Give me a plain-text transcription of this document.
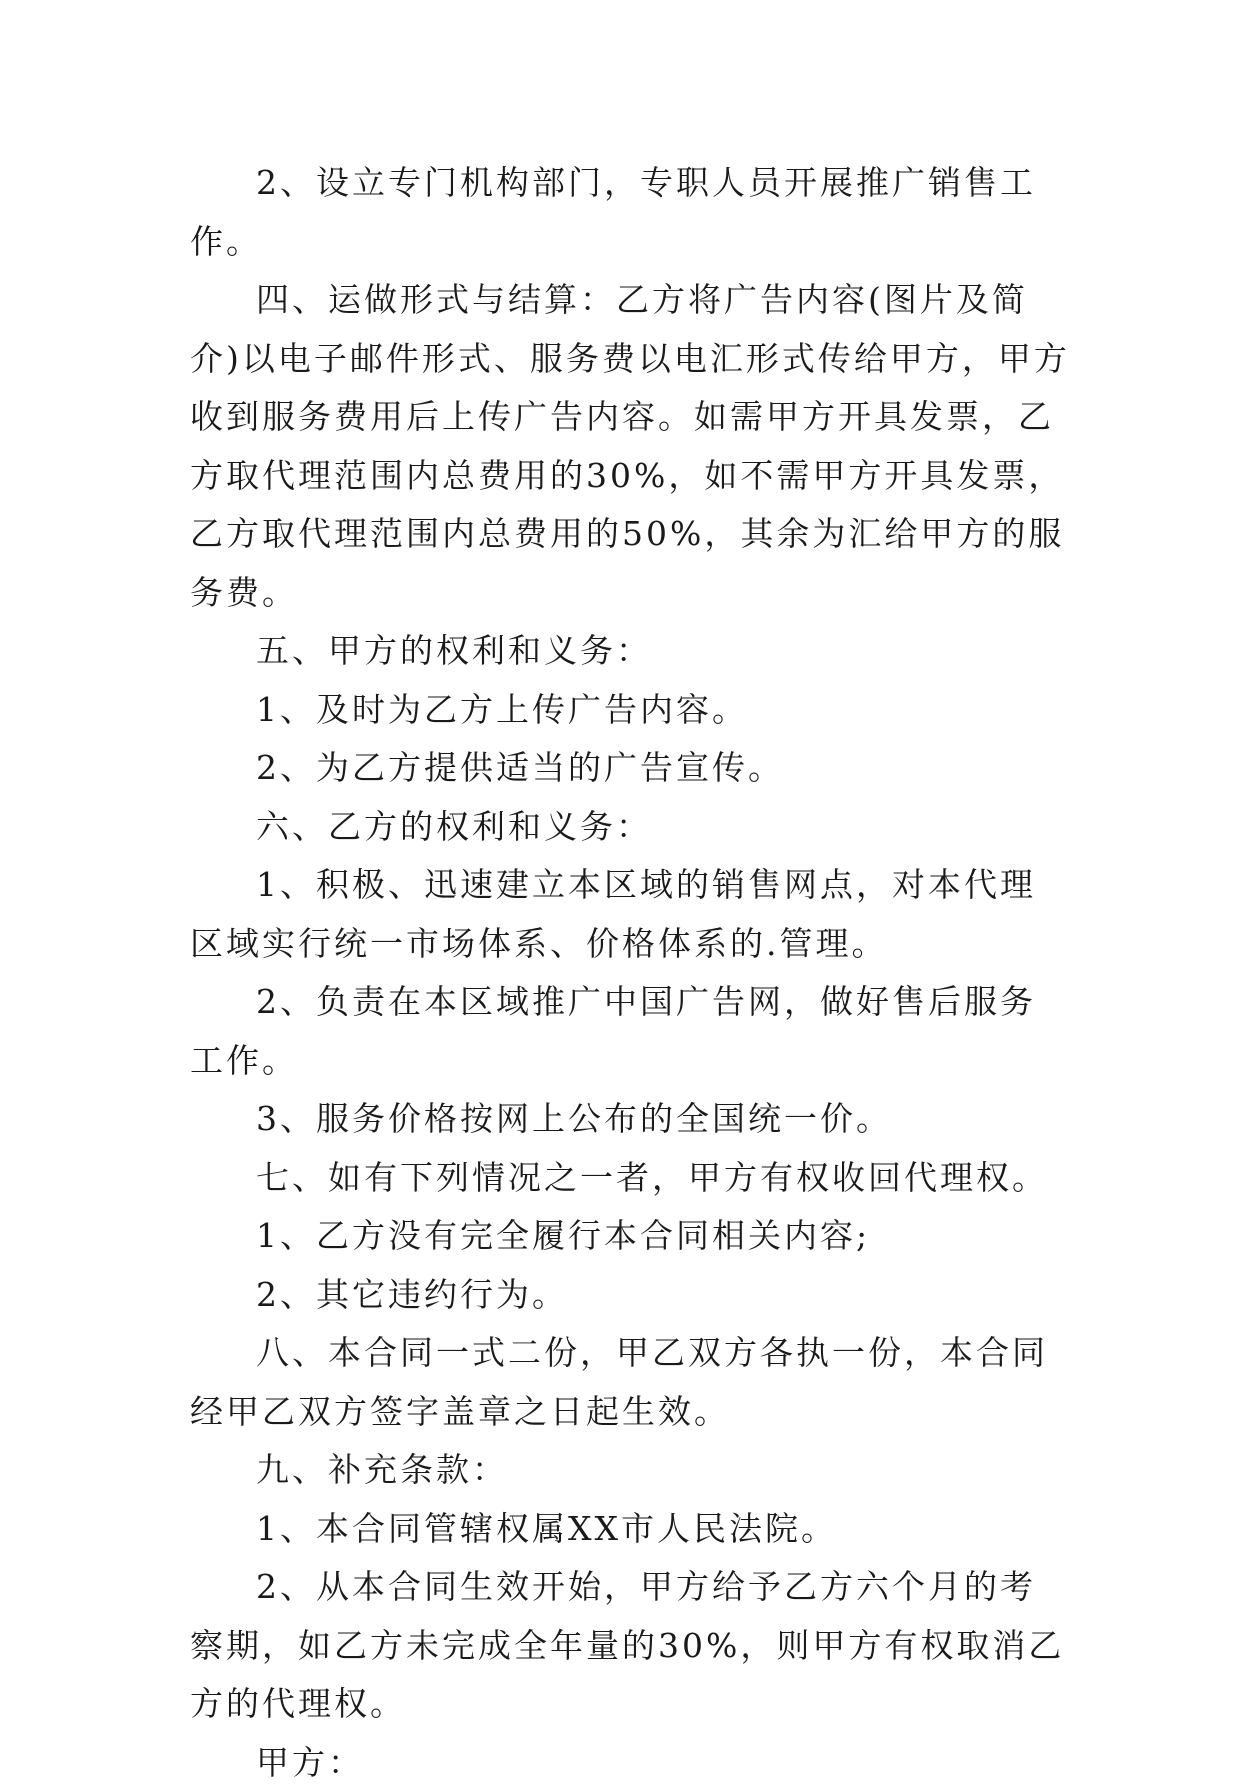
2、设立专门机构部门，专职人员开展推广销售工作。

四、运做形式与结算：乙方将广告内容(图片及简介)以电子邮件形式、服务费以电汇形式传给甲方，甲方收到服务费用后上传广告内容。如需甲方开具发票，乙方取代理范围内总费用的30%，如不需甲方开具发票，乙方取代理范围内总费用的50%，其余为汇给甲方的服务费。

五、甲方的权利和义务：

1、及时为乙方上传广告内容。

2、为乙方提供适当的广告宣传。

六、乙方的权利和义务：

1、积极、迅速建立本区域的销售网点，对本代理区域实行统一市场体系、价格体系的.管理。

2、负责在本区域推广中国广告网，做好售后服务工作。

3、服务价格按网上公布的全国统一价。

七、如有下列情况之一者，甲方有权收回代理权。

1、乙方没有完全履行本合同相关内容;

2、其它违约行为。

八、本合同一式二份，甲乙双方各执一份，本合同经甲乙双方签字盖章之日起生效。

九、补充条款：

1、本合同管辖权属XX市人民法院。

2、从本合同生效开始，甲方给予乙方六个月的考察期，如乙方未完成全年量的30%，则甲方有权取消乙方的代理权。

甲方：
